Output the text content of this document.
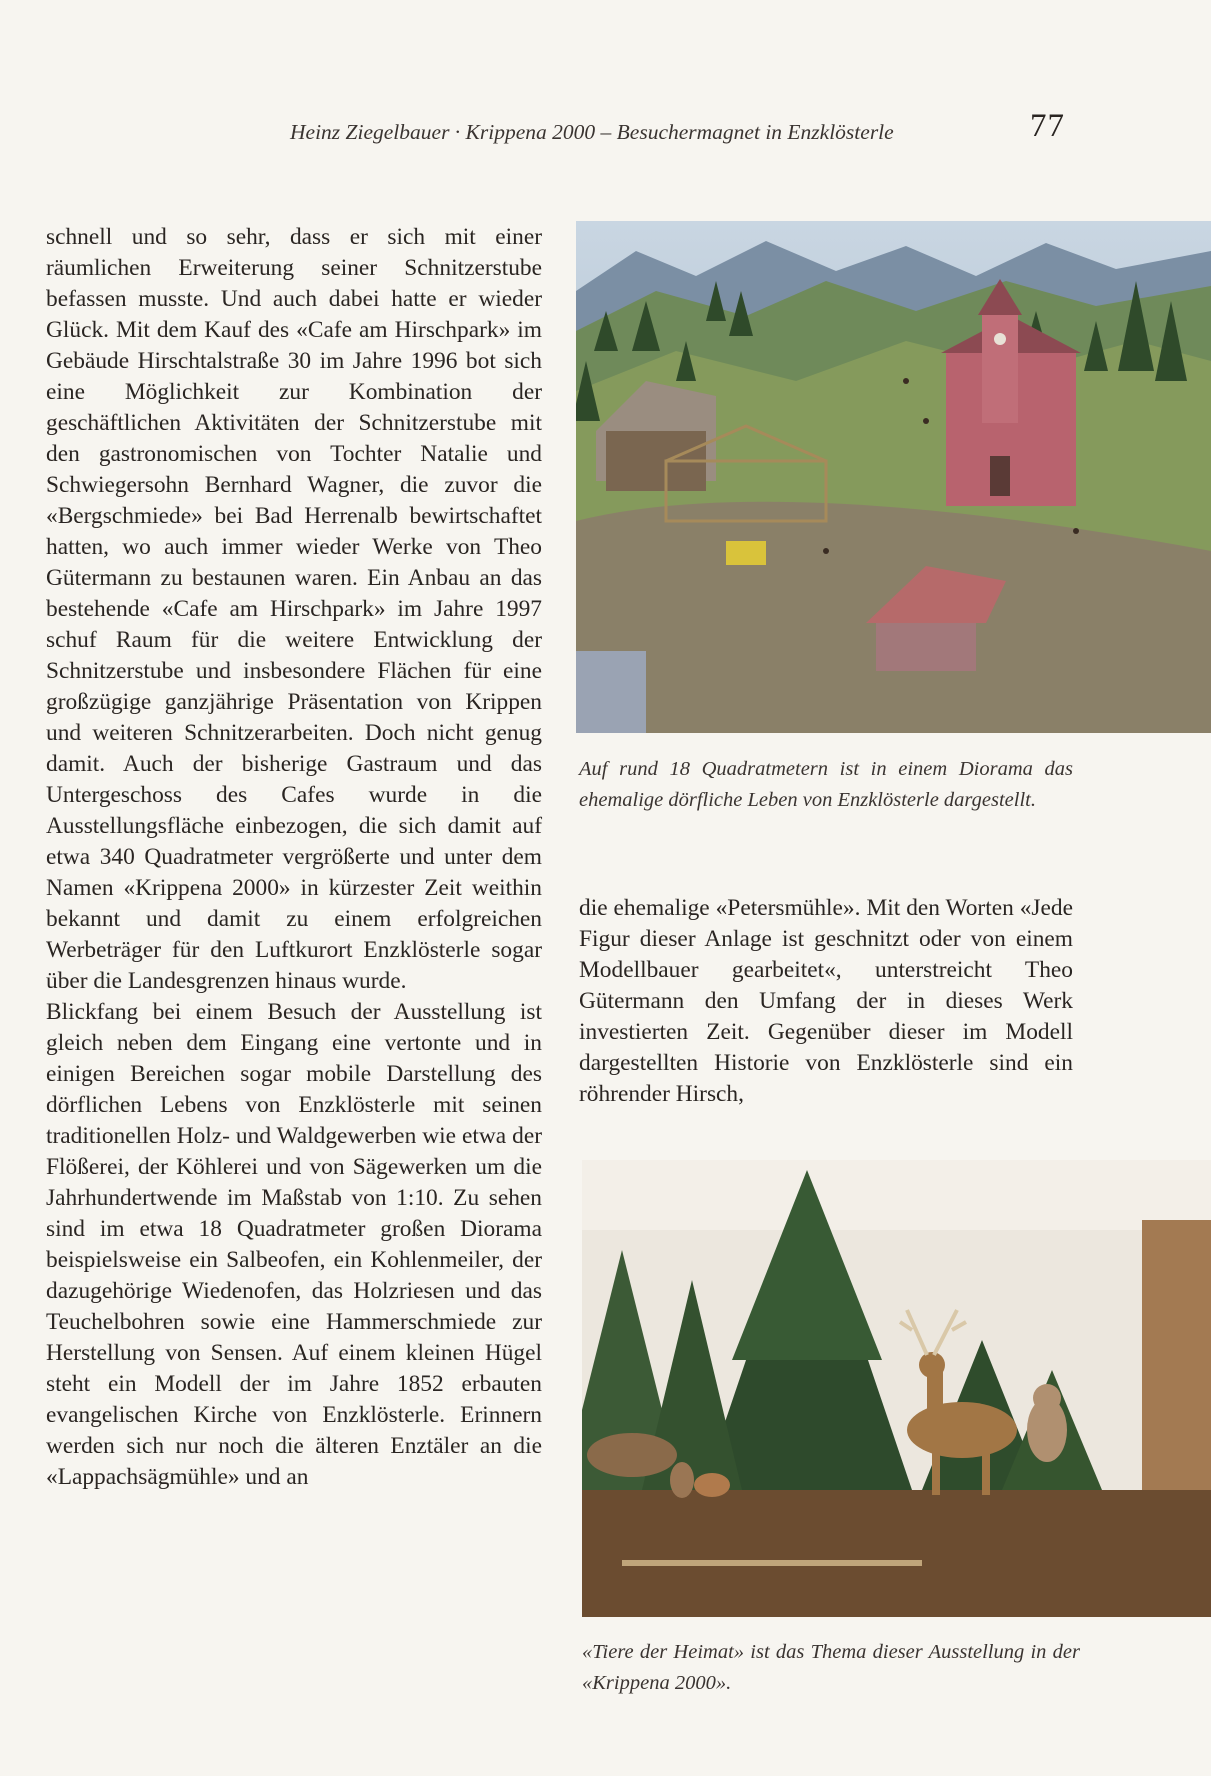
Heinz Ziegelbauer · Krippena 2000 – Besuchermagnet in Enzklösterle	77

schnell und so sehr, dass er sich mit einer räumlichen Erweiterung seiner Schnitzerstube befassen musste. Und auch dabei hatte er wieder Glück. Mit dem Kauf des «Cafe am Hirschpark» im Gebäude Hirschtalstraße 30 im Jahre 1996 bot sich eine Möglichkeit zur Kombination der geschäftlichen Aktivitäten der Schnitzerstube mit den gastronomischen von Tochter Natalie und Schwiegersohn Bernhard Wagner, die zuvor die «Bergschmiede» bei Bad Herrenalb bewirtschaftet hatten, wo auch immer wieder Werke von Theo Gütermann zu bestaunen waren. Ein Anbau an das bestehende «Cafe am Hirschpark» im Jahre 1997 schuf Raum für die weitere Entwicklung der Schnitzerstube und insbesondere Flächen für eine großzügige ganzjährige Präsentation von Krippen und weiteren Schnitzerarbeiten. Doch nicht genug damit. Auch der bisherige Gastraum und das Untergeschoss des Cafes wurde in die Ausstellungsfläche einbezogen, die sich damit auf etwa 340 Quadratmeter vergrößerte und unter dem Namen «Krippena 2000» in kürzester Zeit weithin bekannt und damit zu einem erfolgreichen Werbeträger für den Luftkurort Enzklösterle sogar über die Landesgrenzen hinaus wurde.

Blickfang bei einem Besuch der Ausstellung ist gleich neben dem Eingang eine vertonte und in einigen Bereichen sogar mobile Darstellung des dörflichen Lebens von Enzklösterle mit seinen traditionellen Holz- und Waldgewerben wie etwa der Flößerei, der Köhlerei und von Sägewerken um die Jahrhundertwende im Maßstab von 1:10. Zu sehen sind im etwa 18 Quadratmeter großen Diorama beispielsweise ein Salbeofen, ein Kohlenmeiler, der dazugehörige Wiedenofen, das Holzriesen und das Teuchelbohren sowie eine Hammerschmiede zur Herstellung von Sensen. Auf einem kleinen Hügel steht ein Modell der im Jahre 1852 erbauten evangelischen Kirche von Enzklösterle. Erinnern werden sich nur noch die älteren Enztäler an die «Lappachsägmühle» und an

Auf rund 18 Quadratmetern ist in einem Diorama das ehemalige dörfliche Leben von Enzklösterle dargestellt.

die ehemalige «Petersmühle». Mit den Worten «Jede Figur dieser Anlage ist geschnitzt oder von einem Modellbauer gearbeitet«, unterstreicht Theo Gütermann den Umfang der in dieses Werk investierten Zeit. Gegenüber dieser im Modell dargestellten Historie von Enzklösterle sind ein röhrender Hirsch,

«Tiere der Heimat» ist das Thema dieser Ausstellung in der «Krippena 2000».
